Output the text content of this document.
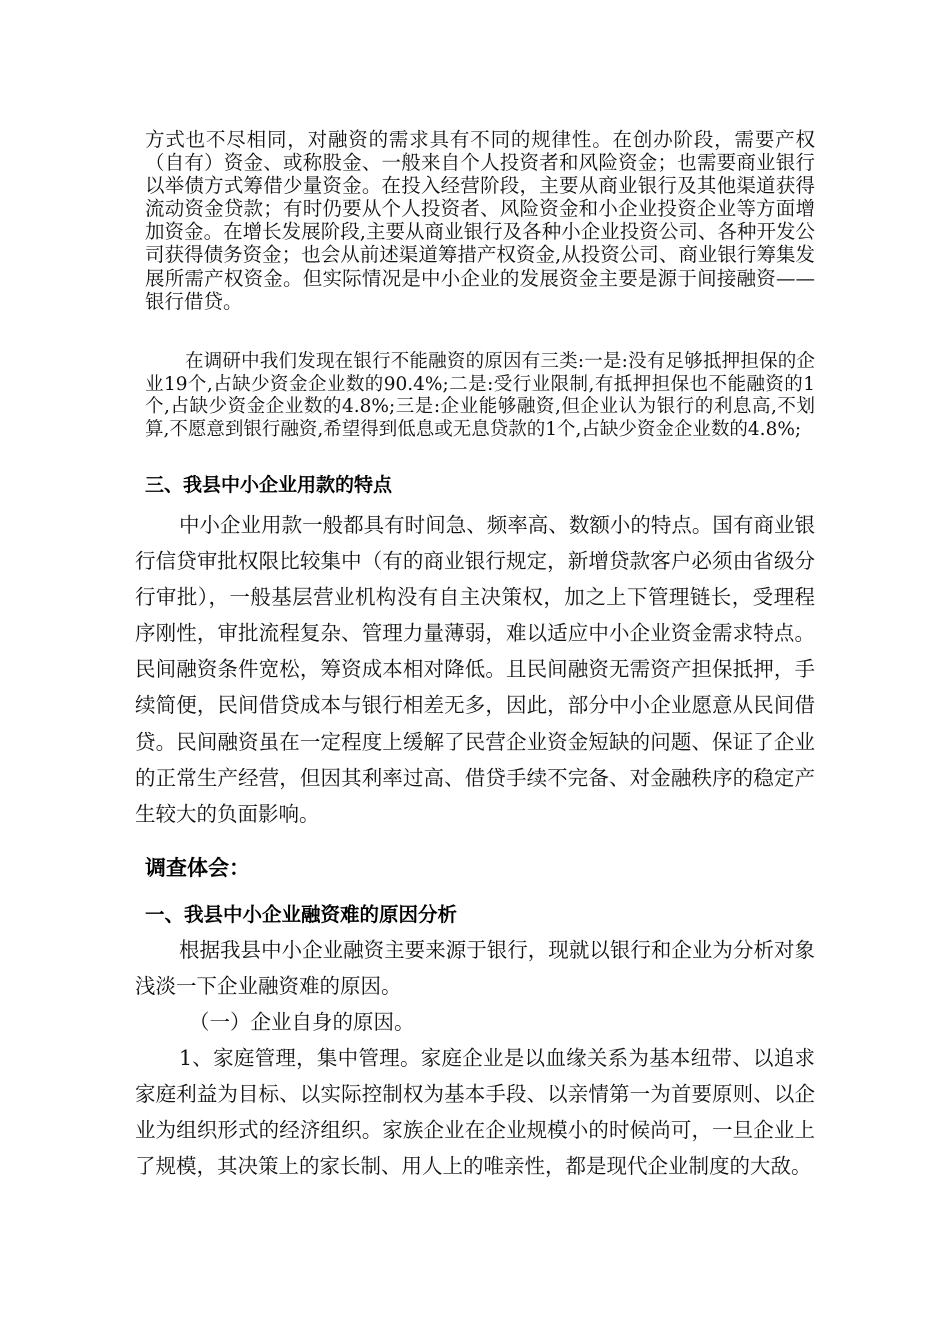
方式也不尽相同，对融资的需求具有不同的规律性。在创办阶段，需要产权（自有）资金、或称股金、一般来自个人投资者和风险资金；也需要商业银行以举债方式筹借少量资金。在投入经营阶段，主要从商业银行及其他渠道获得流动资金贷款；有时仍要从个人投资者、风险资金和小企业投资企业等方面增加资金。在增长发展阶段,主要从商业银行及各种小企业投资公司、各种开发公司获得债务资金；也会从前述渠道筹措产权资金,从投资公司、商业银行筹集发展所需产权资金。但实际情况是中小企业的发展资金主要是源于间接融资——银行借贷。

在调研中我们发现在银行不能融资的原因有三类:一是:没有足够抵押担保的企业19个,占缺少资金企业数的90.4%;二是:受行业限制,有抵押担保也不能融资的1个,占缺少资金企业数的4.8%;三是:企业能够融资,但企业认为银行的利息高,不划算,不愿意到银行融资,希望得到低息或无息贷款的1个,占缺少资金企业数的4.8%;

三、我县中小企业用款的特点

中小企业用款一般都具有时间急、频率高、数额小的特点。国有商业银行信贷审批权限比较集中（有的商业银行规定，新增贷款客户必须由省级分行审批），一般基层营业机构没有自主决策权，加之上下管理链长，受理程序刚性，审批流程复杂、管理力量薄弱，难以适应中小企业资金需求特点。民间融资条件宽松，筹资成本相对降低。且民间融资无需资产担保抵押，手续简便，民间借贷成本与银行相差无多，因此，部分中小企业愿意从民间借贷。民间融资虽在一定程度上缓解了民营企业资金短缺的问题、保证了企业的正常生产经营，但因其利率过高、借贷手续不完备、对金融秩序的稳定产生较大的负面影响。

调查体会：
一、我县中小企业融资难的原因分析

根据我县中小企业融资主要来源于银行，现就以银行和企业为分析对象浅淡一下企业融资难的原因。

（一）企业自身的原因。

1、家庭管理，集中管理。家庭企业是以血缘关系为基本纽带、以追求家庭利益为目标、以实际控制权为基本手段、以亲情第一为首要原则、以企业为组织形式的经济组织。家族企业在企业规模小的时候尚可，一旦企业上了规模，其决策上的家长制、用人上的唯亲性，都是现代企业制度的大敌。
